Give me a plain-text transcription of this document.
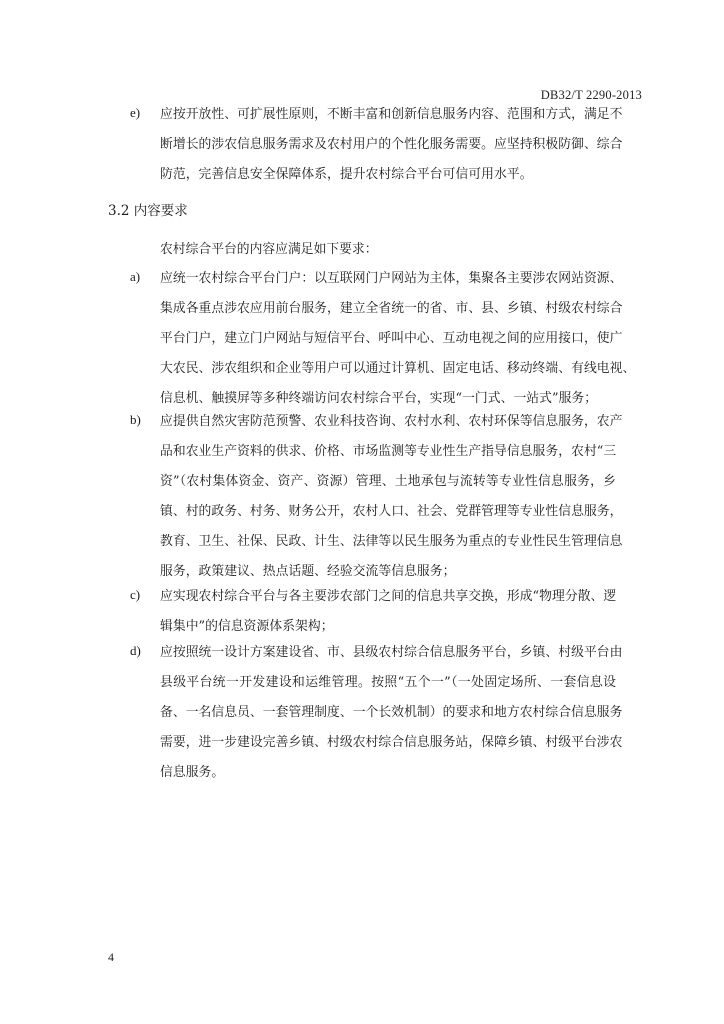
DB32/T 2290-2013
e) 应按开放性、可扩展性原则，不断丰富和创新信息服务内容、范围和方式，满足不
断增长的涉农信息服务需求及农村用户的个性化服务需要。应坚持积极防御、综合
防范，完善信息安全保障体系，提升农村综合平台可信可用水平。
3.2 内容要求
农村综合平台的内容应满足如下要求：
a) 应统一农村综合平台门户：以互联网门户网站为主体，集聚各主要涉农网站资源、
集成各重点涉农应用前台服务，建立全省统一的省、市、县、乡镇、村级农村综合
平台门户，建立门户网站与短信平台、呼叫中心、互动电视之间的应用接口，使广
大农民、涉农组织和企业等用户可以通过计算机、固定电话、移动终端、有线电视、
信息机、触摸屏等多种终端访问农村综合平台，实现“一门式、一站式”服务；
b) 应提供自然灾害防范预警、农业科技咨询、农村水利、农村环保等信息服务，农产
品和农业生产资料的供求、价格、市场监测等专业性生产指导信息服务，农村“三
资”（农村集体资金、资产、资源）管理、土地承包与流转等专业性信息服务，乡
镇、村的政务、村务、财务公开，农村人口、社会、党群管理等专业性信息服务，
教育、卫生、社保、民政、计生、法律等以民生服务为重点的专业性民生管理信息
服务，政策建议、热点话题、经验交流等信息服务；
c) 应实现农村综合平台与各主要涉农部门之间的信息共享交换，形成“物理分散、逻
辑集中”的信息资源体系架构；
d) 应按照统一设计方案建设省、市、县级农村综合信息服务平台，乡镇、村级平台由
县级平台统一开发建设和运维管理。按照“五个一”（一处固定场所、一套信息设
备、一名信息员、一套管理制度、一个长效机制）的要求和地方农村综合信息服务
需要，进一步建设完善乡镇、村级农村综合信息服务站，保障乡镇、村级平台涉农
信息服务。
4
